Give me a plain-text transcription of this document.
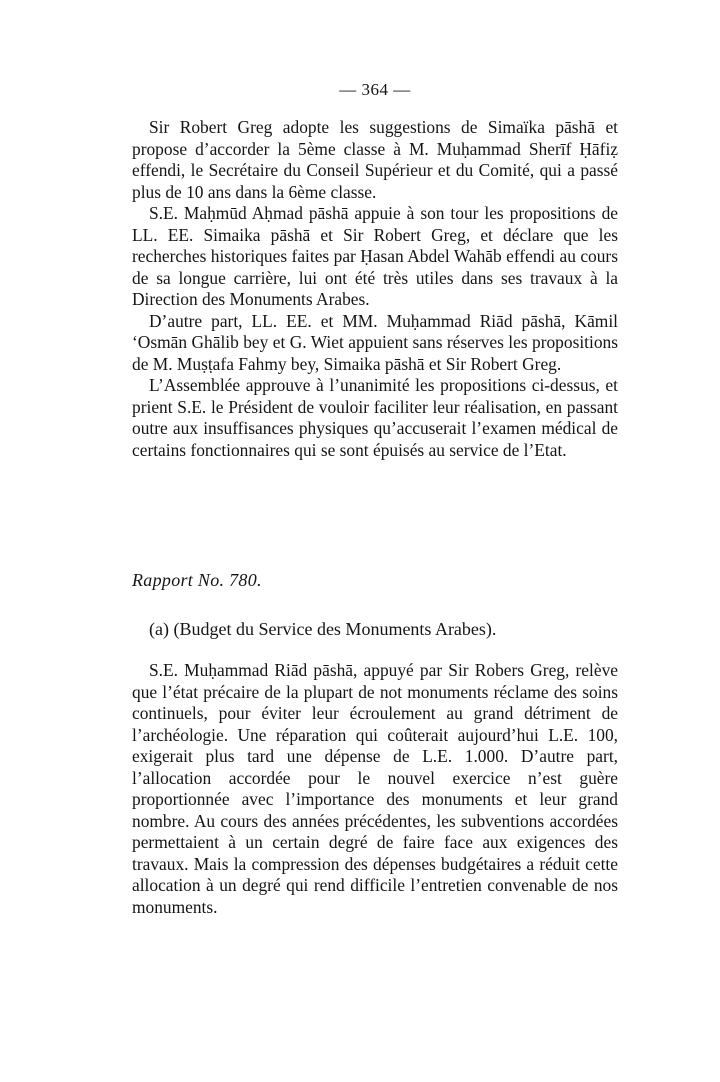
— 364 —

Sir Robert Greg adopte les suggestions de Simaïka pāshā et propose d’accorder la 5ème classe à M. Muḥammad Sherīf Ḥāfiẓ effendi, le Secrétaire du Conseil Supérieur et du Comité, qui a passé plus de 10 ans dans la 6ème classe.

S.E. Maḥmūd Aḥmad pāshā appuie à son tour les propositions de LL. EE. Simaika pāshā et Sir Robert Greg, et déclare que les recherches historiques faites par Ḥasan Abdel Wahāb effendi au cours de sa longue carrière, lui ont été très utiles dans ses travaux à la Direction des Monuments Arabes.

D’autre part, LL. EE. et MM. Muḥammad Riād pāshā, Kāmil ‘Osmān Ghālib bey et G. Wiet appuient sans réserves les propositions de M. Muṣṭafa Fahmy bey, Simaika pāshā et Sir Robert Greg.

L’Assemblée approuve à l’unanimité les propositions ci-dessus, et prient S.E. le Président de vouloir faciliter leur réalisation, en passant outre aux insuffisances physiques qu’accuserait l’examen médical de certains fonctionnaires qui se sont épuisés au service de l’Etat.

Rapport No. 780.
(a) (Budget du Service des Monuments Arabes).

S.E. Muḥammad Riād pāshā, appuyé par Sir Robers Greg, relève que l’état précaire de la plupart de not monuments réclame des soins continuels, pour éviter leur écroulement au grand détriment de l’archéologie. Une réparation qui coûterait aujourd’hui L.E. 100, exigerait plus tard une dépense de L.E. 1.000. D’autre part, l’allocation accordée pour le nouvel exercice n’est guère proportionnée avec l’importance des monuments et leur grand nombre. Au cours des années précédentes, les subventions accordées permettaient à un certain degré de faire face aux exigences des travaux. Mais la compression des dépenses budgétaires a réduit cette allocation à un degré qui rend difficile l’entretien convenable de nos monuments.
